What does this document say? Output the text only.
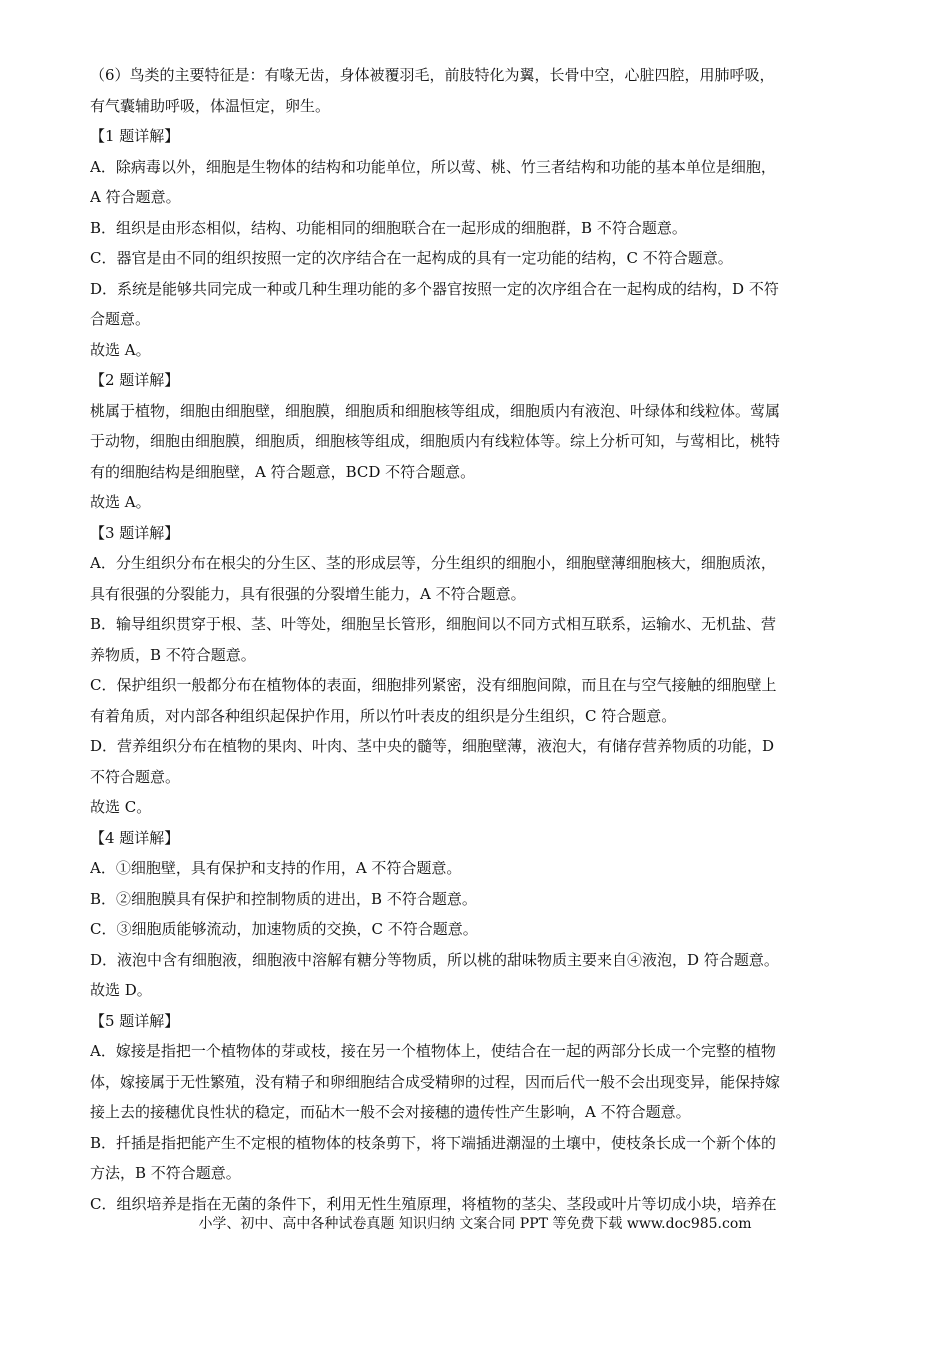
（6）鸟类的主要特征是：有喙无齿，身体被覆羽毛，前肢特化为翼，长骨中空，心脏四腔，用肺呼吸，
有气囊辅助呼吸，体温恒定，卵生。
【1 题详解】
A．除病毒以外，细胞是生物体的结构和功能单位，所以莺、桃、竹三者结构和功能的基本单位是细胞，
A 符合题意。
B．组织是由形态相似，结构、功能相同的细胞联合在一起形成的细胞群，B 不符合题意。
C．器官是由不同的组织按照一定的次序结合在一起构成的具有一定功能的结构，C 不符合题意。
D．系统是能够共同完成一种或几种生理功能的多个器官按照一定的次序组合在一起构成的结构，D 不符
合题意。
故选 A。
【2 题详解】
桃属于植物，细胞由细胞壁，细胞膜，细胞质和细胞核等组成，细胞质内有液泡、叶绿体和线粒体。莺属
于动物，细胞由细胞膜，细胞质，细胞核等组成，细胞质内有线粒体等。综上分析可知，与莺相比，桃特
有的细胞结构是细胞壁，A 符合题意，BCD 不符合题意。
故选 A。
【3 题详解】
A．分生组织分布在根尖的分生区、茎的形成层等，分生组织的细胞小，细胞壁薄细胞核大，细胞质浓，
具有很强的分裂能力，具有很强的分裂增生能力，A 不符合题意。
B．输导组织贯穿于根、茎、叶等处，细胞呈长管形，细胞间以不同方式相互联系，运输水、无机盐、营
养物质，B 不符合题意。
C．保护组织一般都分布在植物体的表面，细胞排列紧密，没有细胞间隙，而且在与空气接触的细胞壁上
有着角质，对内部各种组织起保护作用，所以竹叶表皮的组织是分生组织，C 符合题意。
D．营养组织分布在植物的果肉、叶肉、茎中央的髓等，细胞壁薄，液泡大，有储存营养物质的功能，D
不符合题意。
故选 C。
【4 题详解】
A．①细胞壁，具有保护和支持的作用，A 不符合题意。
B．②细胞膜具有保护和控制物质的进出，B 不符合题意。
C．③细胞质能够流动，加速物质的交换，C 不符合题意。
D．液泡中含有细胞液，细胞液中溶解有糖分等物质，所以桃的甜味物质主要来自④液泡，D 符合题意。
故选 D。
【5 题详解】
A．嫁接是指把一个植物体的芽或枝，接在另一个植物体上，使结合在一起的两部分长成一个完整的植物
体，嫁接属于无性繁殖，没有精子和卵细胞结合成受精卵的过程，因而后代一般不会出现变异，能保持嫁
接上去的接穗优良性状的稳定，而砧木一般不会对接穗的遗传性产生影响，A 不符合题意。
B．扦插是指把能产生不定根的植物体的枝条剪下，将下端插进潮湿的土壤中，使枝条长成一个新个体的
方法，B 不符合题意。
C．组织培养是指在无菌的条件下，利用无性生殖原理，将植物的茎尖、茎段或叶片等切成小块，培养在
小学、初中、高中各种试卷真题 知识归纳 文案合同 PPT 等免费下载 www.doc985.com
